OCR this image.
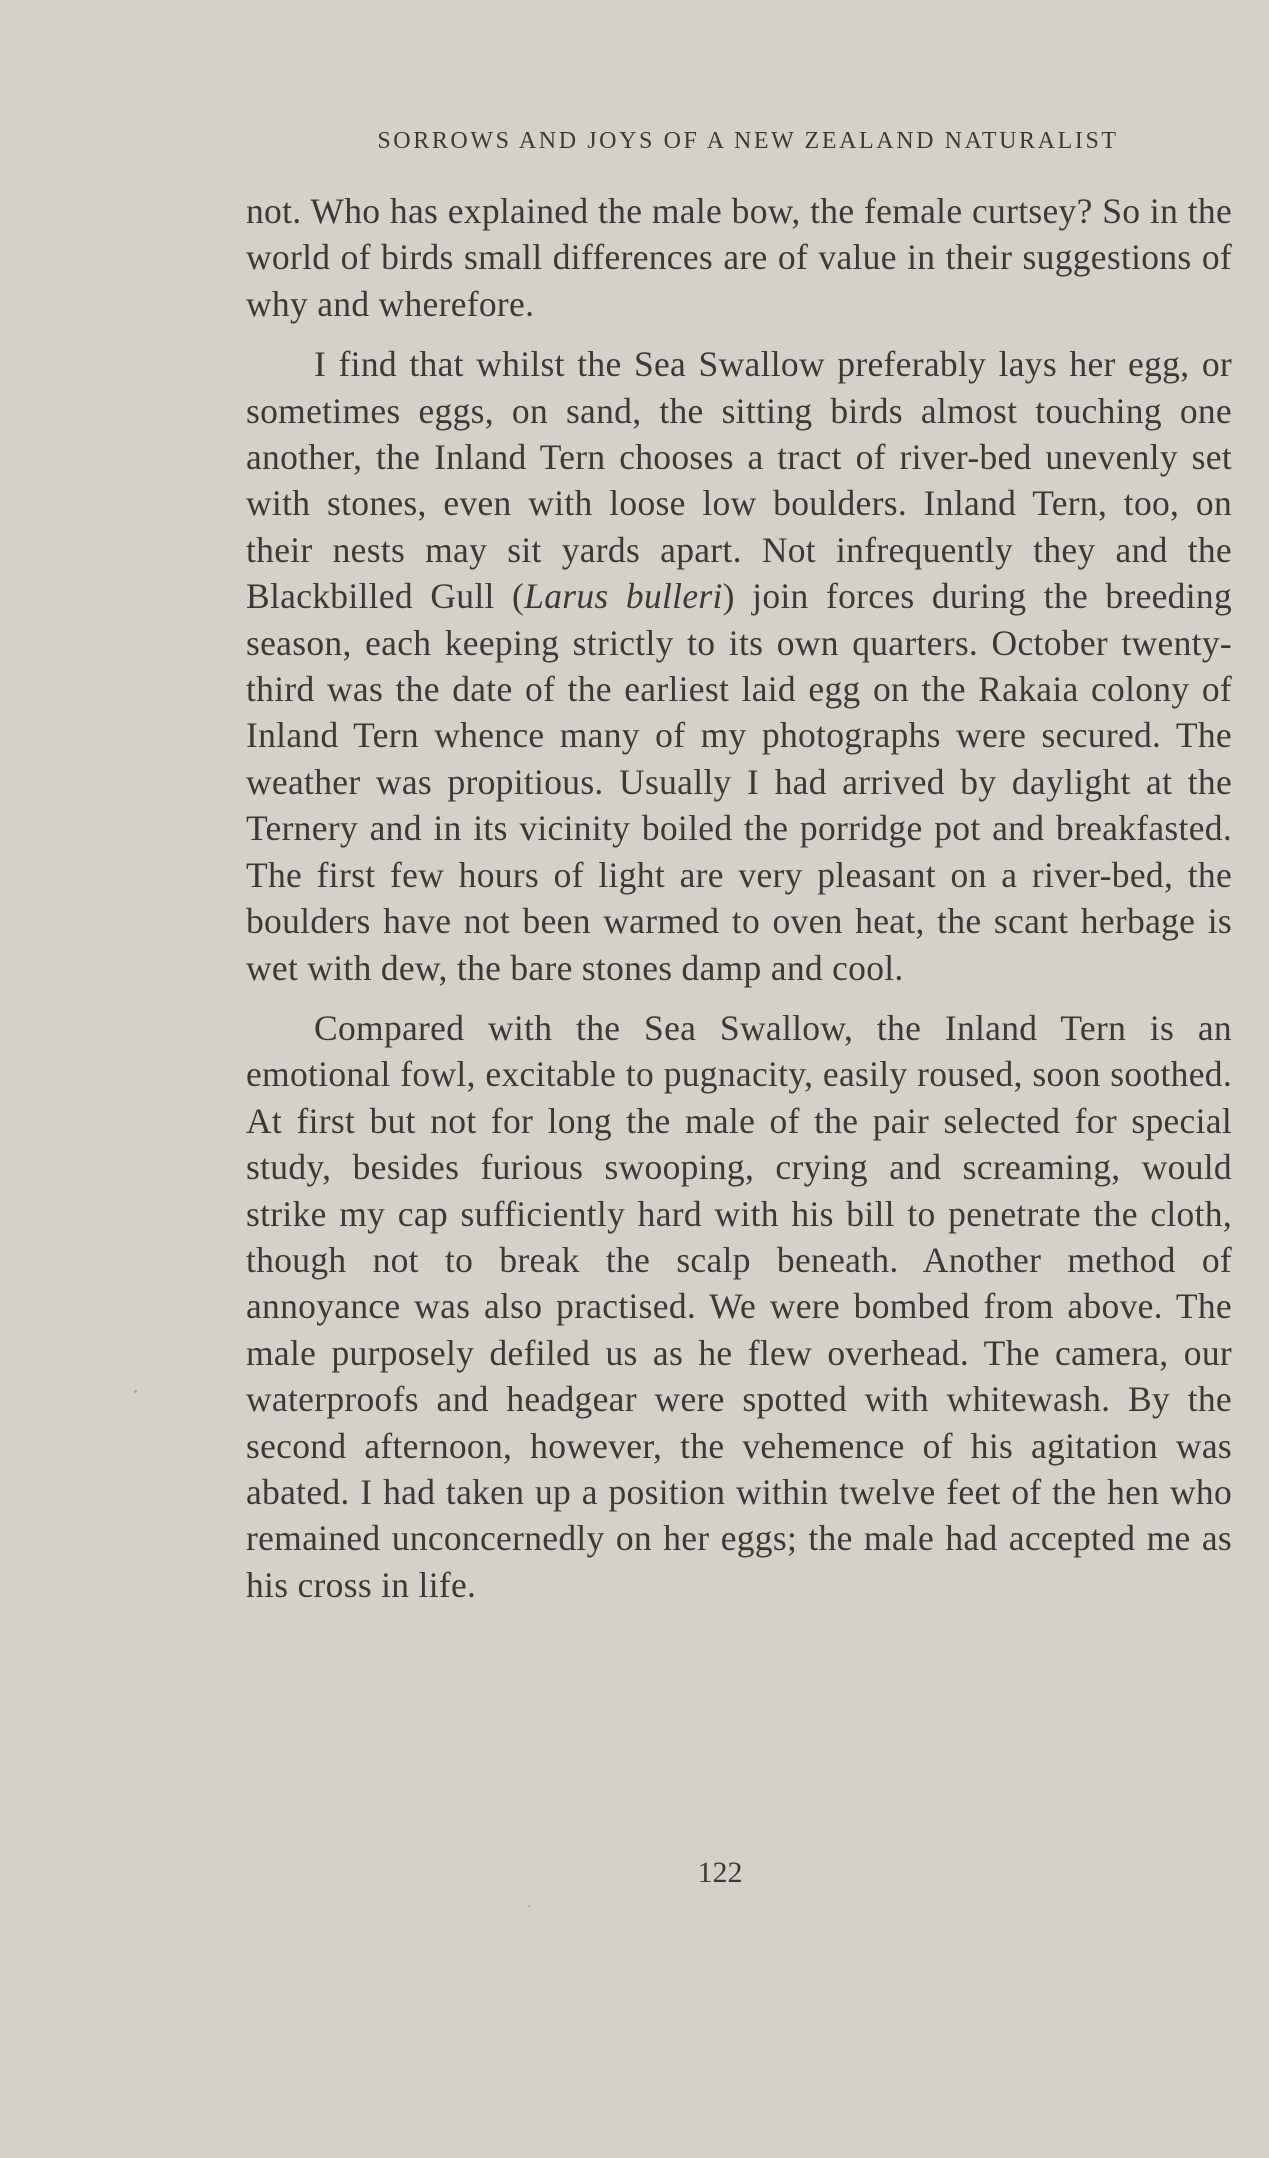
SORROWS AND JOYS OF A NEW ZEALAND NATURALIST

not. Who has explained the male bow, the female curtsey? So in the world of birds small differences are of value in their suggestions of why and wherefore.

I find that whilst the Sea Swallow preferably lays her egg, or sometimes eggs, on sand, the sitting birds almost touching one another, the Inland Tern chooses a tract of river-bed unevenly set with stones, even with loose low boulders. Inland Tern, too, on their nests may sit yards apart. Not infrequently they and the Blackbilled Gull (Larus bulleri) join forces during the breeding season, each keeping strictly to its own quarters. October twenty-third was the date of the earliest laid egg on the Rakaia colony of Inland Tern whence many of my photographs were secured. The weather was propitious. Usually I had arrived by daylight at the Ternery and in its vicinity boiled the porridge pot and breakfasted. The first few hours of light are very pleasant on a river-bed, the boulders have not been warmed to oven heat, the scant herbage is wet with dew, the bare stones damp and cool.

Compared with the Sea Swallow, the Inland Tern is an emotional fowl, excitable to pugnacity, easily roused, soon soothed. At first but not for long the male of the pair selected for special study, besides furious swooping, crying and screaming, would strike my cap sufficiently hard with his bill to penetrate the cloth, though not to break the scalp beneath. Another method of annoyance was also practised. We were bombed from above. The male purposely defiled us as he flew overhead. The camera, our waterproofs and headgear were spotted with whitewash. By the second afternoon, however, the vehemence of his agitation was abated. I had taken up a position within twelve feet of the hen who remained unconcernedly on her eggs; the male had accepted me as his cross in life.

122
